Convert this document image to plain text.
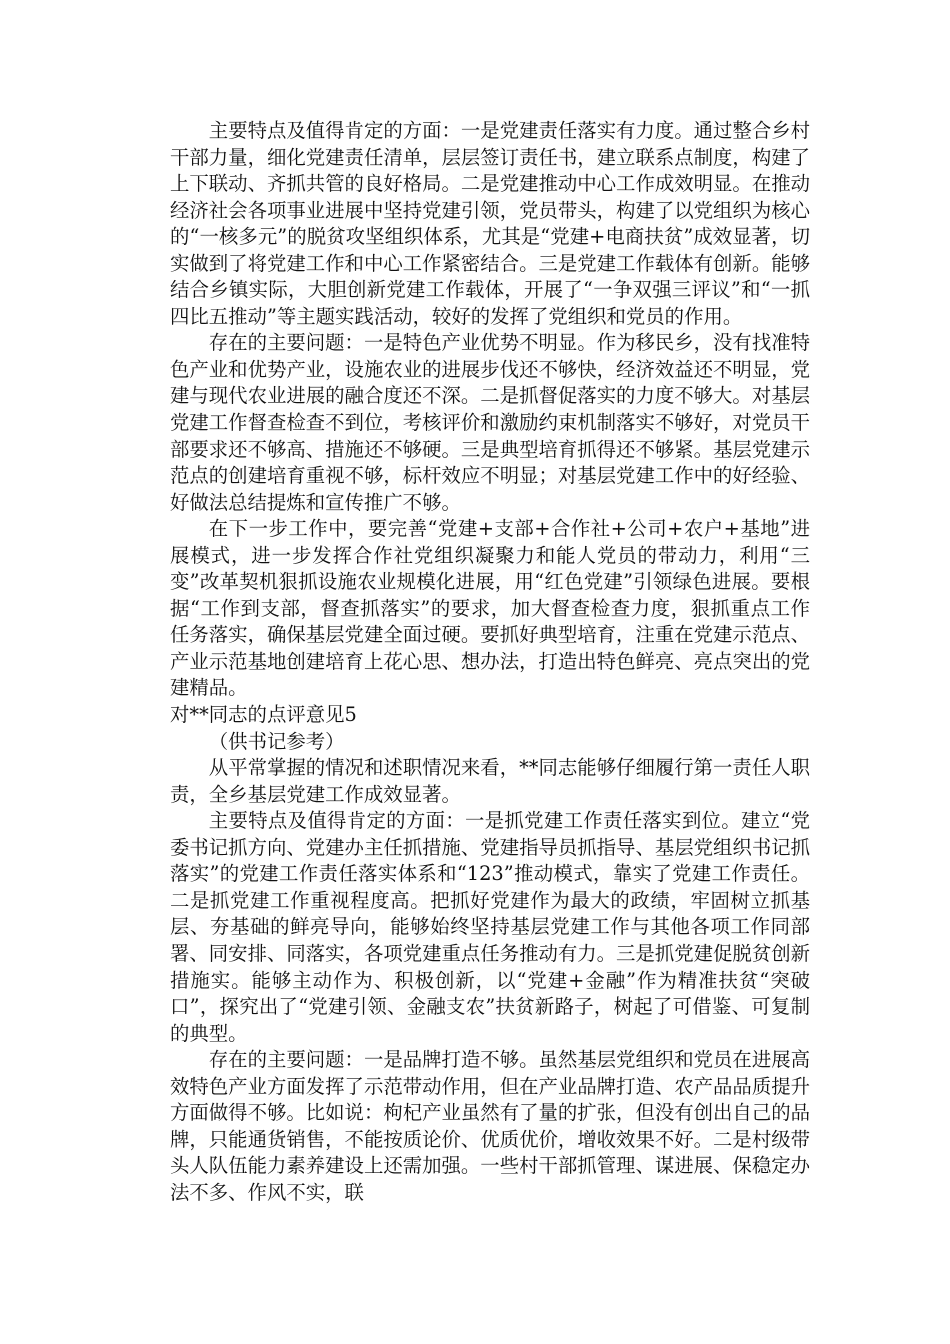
主要特点及值得肯定的方面：一是党建责任落实有力度。通过整合乡村干部力量，细化党建责任清单，层层签订责任书，建立联系点制度，构建了上下联动、齐抓共管的良好格局。二是党建推动中心工作成效明显。在推动经济社会各项事业进展中坚持党建引领，党员带头，构建了以党组织为核心的“一核多元”的脱贫攻坚组织体系，尤其是“党建+电商扶贫”成效显著，切实做到了将党建工作和中心工作紧密结合。三是党建工作载体有创新。能够结合乡镇实际，大胆创新党建工作载体，开展了“一争双强三评议”和“一抓四比五推动”等主题实践活动，较好的发挥了党组织和党员的作用。

存在的主要问题：一是特色产业优势不明显。作为移民乡，没有找准特色产业和优势产业，设施农业的进展步伐还不够快，经济效益还不明显，党建与现代农业进展的融合度还不深。二是抓督促落实的力度不够大。对基层党建工作督查检查不到位，考核评价和激励约束机制落实不够好，对党员干部要求还不够高、措施还不够硬。三是典型培育抓得还不够紧。基层党建示范点的创建培育重视不够，标杆效应不明显；对基层党建工作中的好经验、好做法总结提炼和宣传推广不够。

在下一步工作中，要完善“党建+支部+合作社+公司+农户+基地”进展模式，进一步发挥合作社党组织凝聚力和能人党员的带动力，利用“三变”改革契机狠抓设施农业规模化进展，用“红色党建”引领绿色进展。要根据“工作到支部，督查抓落实”的要求，加大督查检查力度，狠抓重点工作任务落实，确保基层党建全面过硬。要抓好典型培育，注重在党建示范点、产业示范基地创建培育上花心思、想办法，打造出特色鲜亮、亮点突出的党建精品。

对**同志的点评意见5

（供书记参考）

从平常掌握的情况和述职情况来看，**同志能够仔细履行第一责任人职责，全乡基层党建工作成效显著。

主要特点及值得肯定的方面：一是抓党建工作责任落实到位。建立“党委书记抓方向、党建办主任抓措施、党建指导员抓指导、基层党组织书记抓落实”的党建工作责任落实体系和“123”推动模式，靠实了党建工作责任。二是抓党建工作重视程度高。把抓好党建作为最大的政绩，牢固树立抓基层、夯基础的鲜亮导向，能够始终坚持基层党建工作与其他各项工作同部署、同安排、同落实，各项党建重点任务推动有力。三是抓党建促脱贫创新措施实。能够主动作为、积极创新，以“党建+金融”作为精准扶贫“突破口”，探究出了“党建引领、金融支农”扶贫新路子，树起了可借鉴、可复制的典型。

存在的主要问题：一是品牌打造不够。虽然基层党组织和党员在进展高效特色产业方面发挥了示范带动作用，但在产业品牌打造、农产品品质提升方面做得不够。比如说：枸杞产业虽然有了量的扩张，但没有创出自己的品牌，只能通货销售，不能按质论价、优质优价，增收效果不好。二是村级带头人队伍能力素养建设上还需加强。一些村干部抓管理、谋进展、保稳定办法不多、作风不实，联
